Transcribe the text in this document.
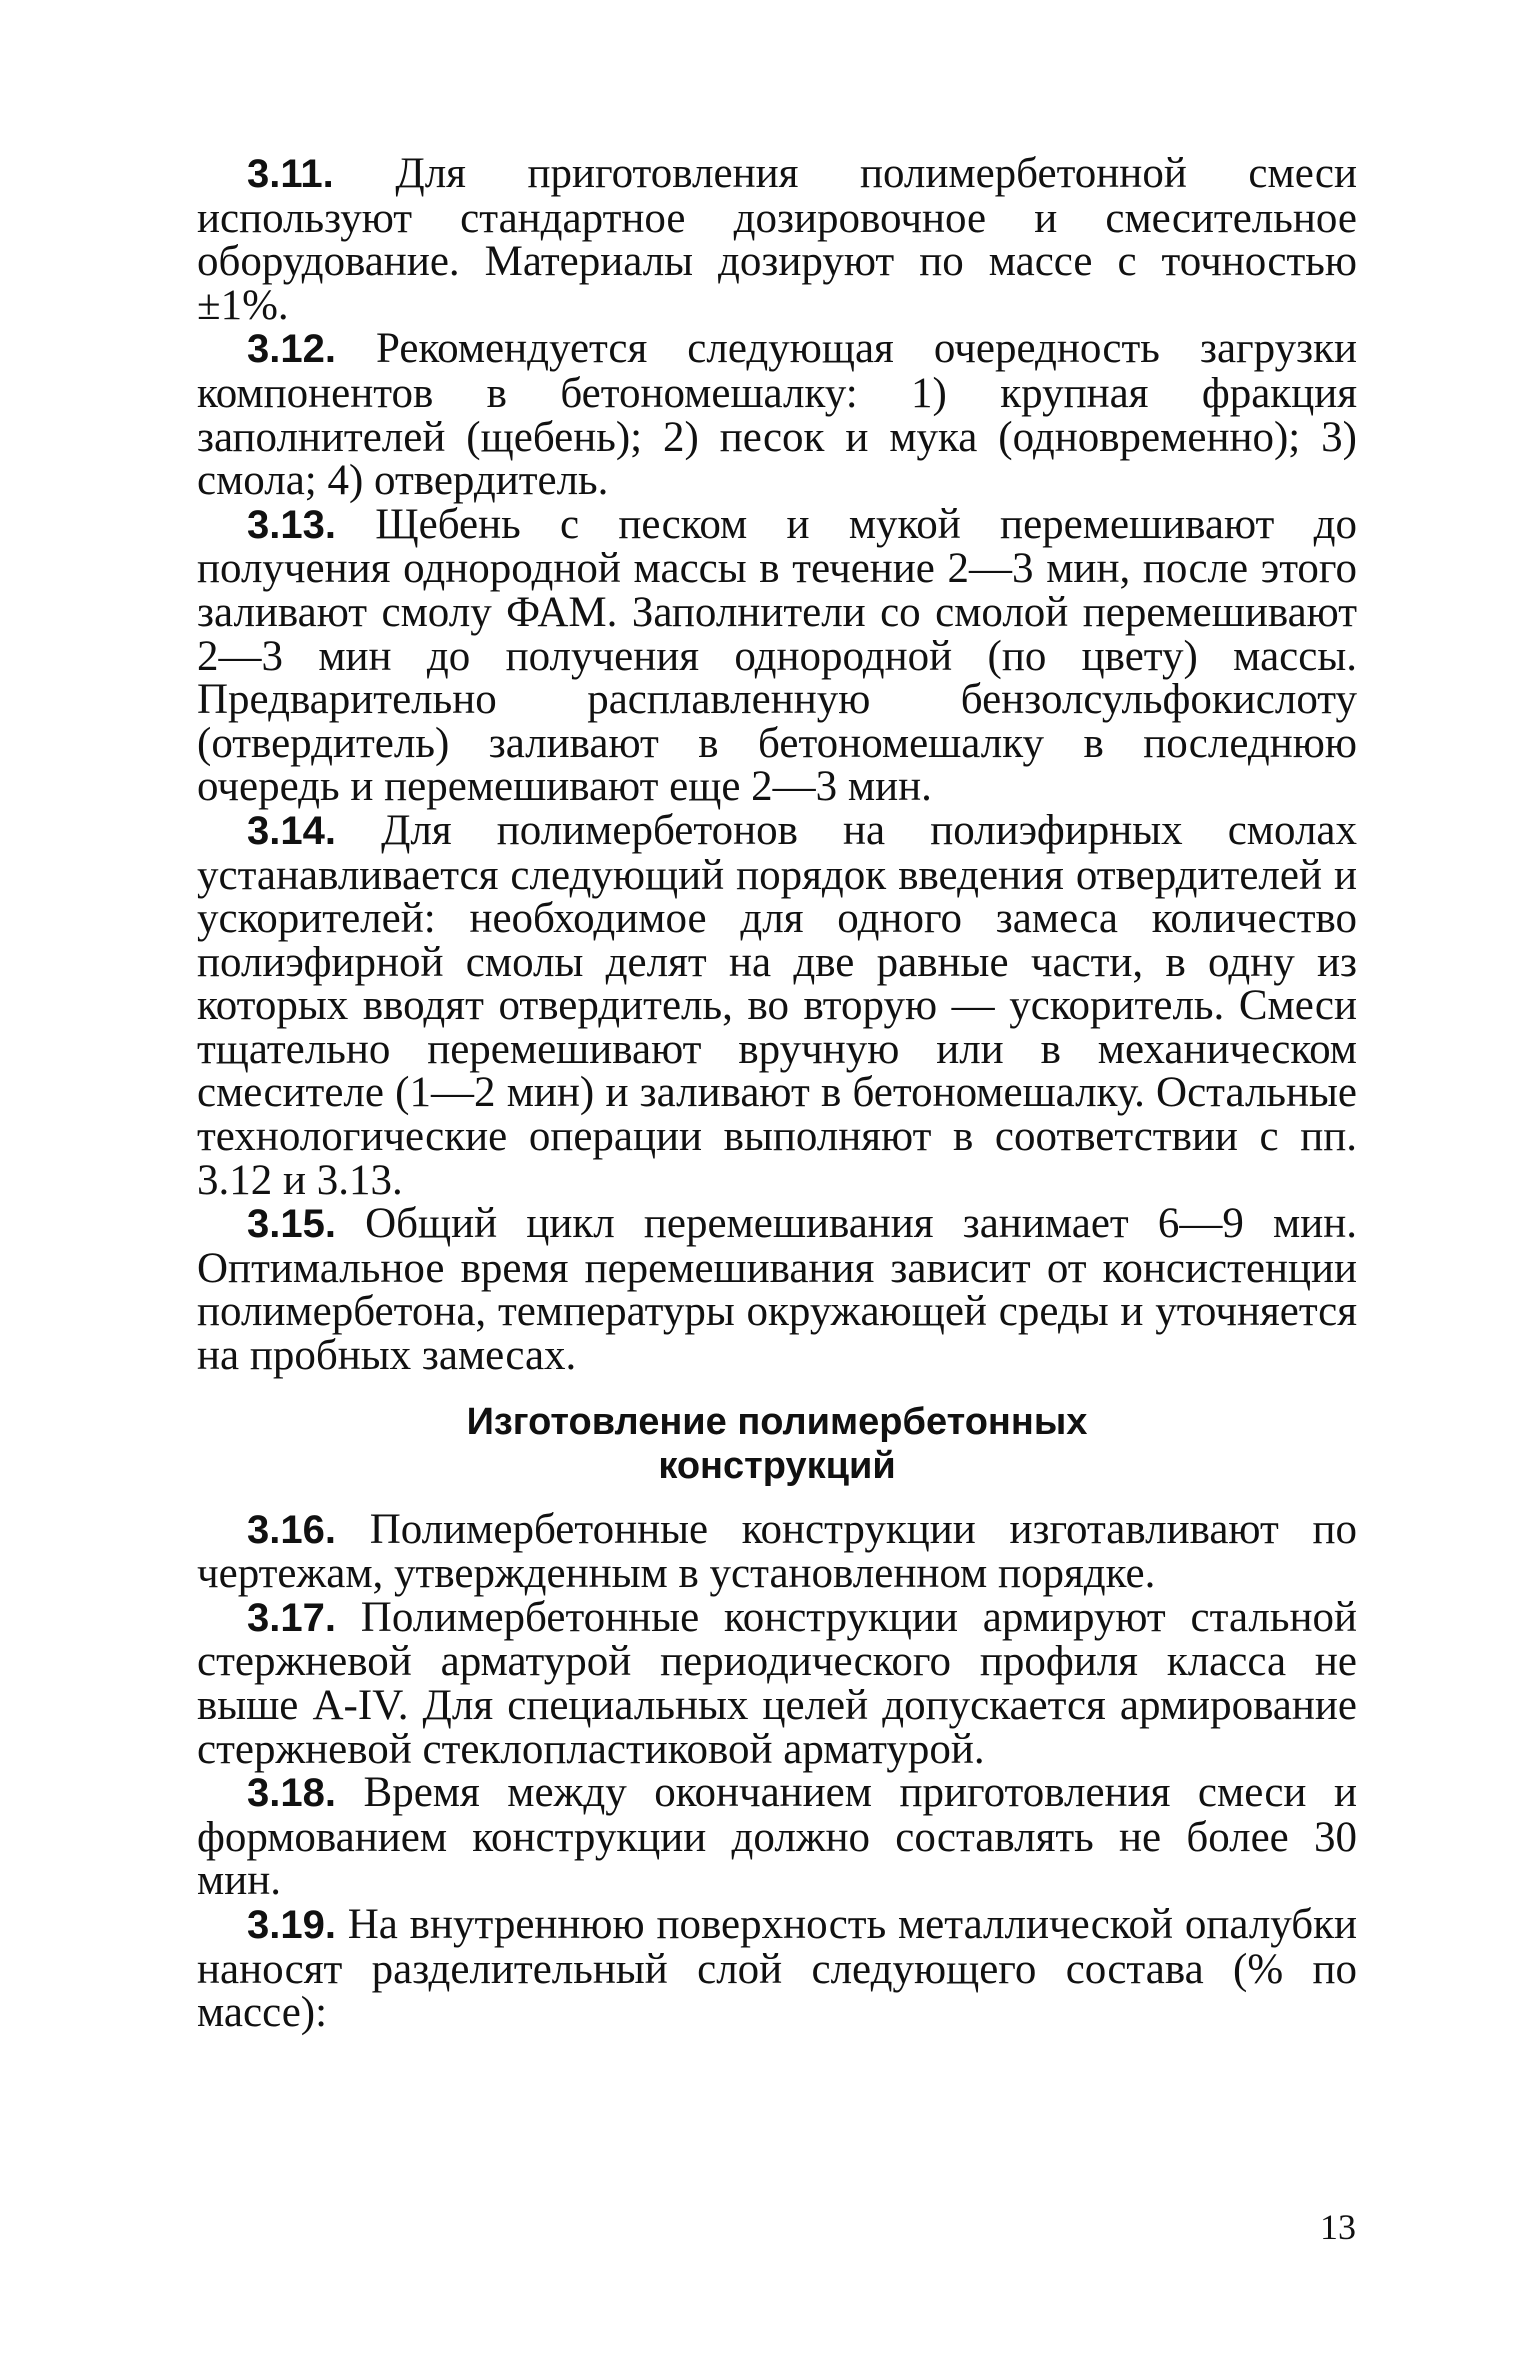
3.11. Для приготовления полимербетонной смеси используют стандартное дозировочное и смесительное оборудование. Материалы дозируют по массе с точностью ±1%.

3.12. Рекомендуется следующая очередность загрузки компонентов в бетономешалку: 1) крупная фракция заполнителей (щебень); 2) песок и мука (одновременно); 3) смола; 4) отвердитель.

3.13. Щебень с песком и мукой перемешивают до получения однородной массы в течение 2—3 мин, после этого заливают смолу ФАМ. Заполнители со смолой перемешивают 2—3 мин до получения однородной (по цвету) массы. Предварительно расплавленную бензолсульфокислоту (отвердитель) заливают в бетономешалку в последнюю очередь и перемешивают еще 2—3 мин.

3.14. Для полимербетонов на полиэфирных смолах устанавливается следующий порядок введения отвердителей и ускорителей: необходимое для одного замеса количество полиэфирной смолы делят на две равные части, в одну из которых вводят отвердитель, во вторую — ускоритель. Смеси тщательно перемешивают вручную или в механическом смесителе (1—2 мин) и заливают в бетономешалку. Остальные технологические операции выполняют в соответствии с пп. 3.12 и 3.13.

3.15. Общий цикл перемешивания занимает 6—9 мин. Оптимальное время перемешивания зависит от консистенции полимербетона, температуры окружающей среды и уточняется на пробных замесах.

Изготовление полимербетонных
конструкций

3.16. Полимербетонные конструкции изготавливают по чертежам, утвержденным в установленном порядке.

3.17. Полимербетонные конструкции армируют стальной стержневой арматурой периодического профиля класса не выше А-IV. Для специальных целей допускается армирование стержневой стеклопластиковой арматурой.

3.18. Время между окончанием приготовления смеси и формованием конструкции должно составлять не более 30 мин.

3.19. На внутреннюю поверхность металлической опалубки наносят разделительный слой следующего состава (% по массе):

13
